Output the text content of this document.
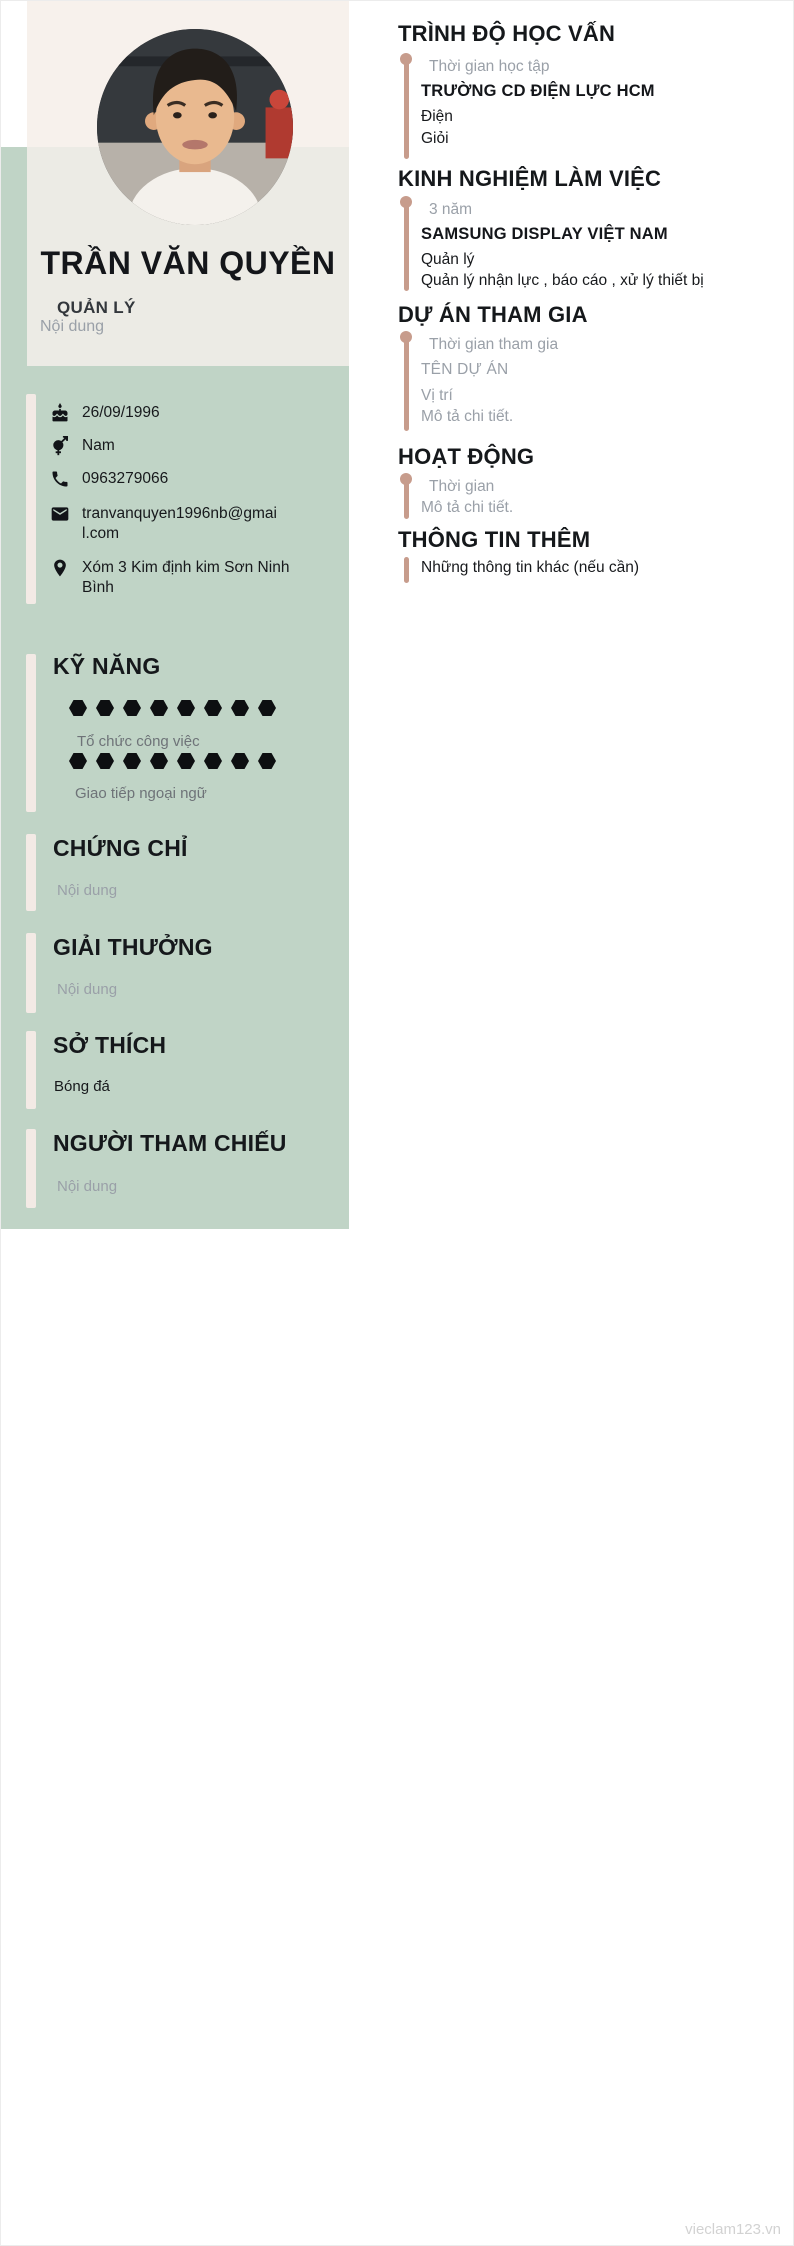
TRẦN VĂN QUYỀN
QUẢN LÝ
Nội dung
26/09/1996
Nam
0963279066
tranvanquyen1996nb@gmail.com
Xóm 3 Kim định kim Sơn Ninh Bình
KỸ NĂNG
Tổ chức công việc
Giao tiếp ngoại ngữ
CHỨNG CHỈ
Nội dung
GIẢI THƯỞNG
Nội dung
SỞ THÍCH
Bóng đá
NGƯỜI THAM CHIẾU
Nội dung
TRÌNH ĐỘ HỌC VẤN
Thời gian học tập
TRƯỜNG CD ĐIỆN LỰC HCM
Điện
Giỏi
KINH NGHIỆM LÀM VIỆC
3 năm
SAMSUNG DISPLAY VIỆT NAM
Quản lý
Quản lý nhận lực , báo cáo , xử lý thiết bị
DỰ ÁN THAM GIA
Thời gian tham gia
TÊN DỰ ÁN
Vị trí
Mô tả chi tiết.
HOẠT ĐỘNG
Thời gian
Mô tả chi tiết.
THÔNG TIN THÊM
Những thông tin khác (nếu cần)
vieclam123.vn
